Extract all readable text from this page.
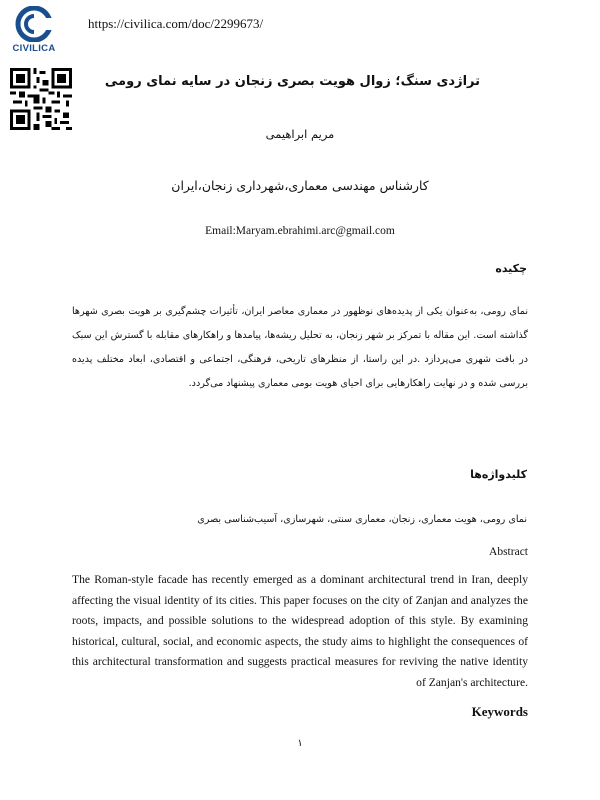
CIVILICA
https://civilica.com/doc/2299673/
تراژدی سنگ؛ زوال هویت بصری زنجان در سایه نمای رومی
مریم ابراهیمی
کارشناس مهندسی معماری،شهرداری زنجان،ایران
Email:Maryam.ebrahimi.arc@gmail.com
چکیده
نمای رومی، به‌عنوان یکی از پدیده‌های نوظهور در معماری معاصر ایران، تأثیرات چشم‌گیری بر هویت بصری شهرها گذاشته است. این مقاله با تمرکز بر شهر زنجان، به تحلیل ریشه‌ها، پیامدها و راهکارهای مقابله با گسترش این سبک در بافت شهری می‌پردازد .در این راستا، از منظرهای تاریخی، فرهنگی، اجتماعی و اقتصادی، ابعاد مختلف پدیده بررسی شده و در نهایت راهکارهایی برای احیای هویت بومی معماری پیشنهاد می‌گردد.
کلیدواژه‌ها
نمای رومی، هویت معماری، زنجان، معماری سنتی، شهرسازی، آسیب‌شناسی بصری
Abstract
The Roman-style facade has recently emerged as a dominant architectural trend in Iran, deeply affecting the visual identity of its cities. This paper focuses on the city of Zanjan and analyzes the roots, impacts, and possible solutions to the widespread adoption of this style. By examining historical, cultural, social, and economic aspects, the study aims to highlight the consequences of this architectural transformation and suggests practical measures for reviving the native identity of Zanjan's architecture.
Keywords
۱
